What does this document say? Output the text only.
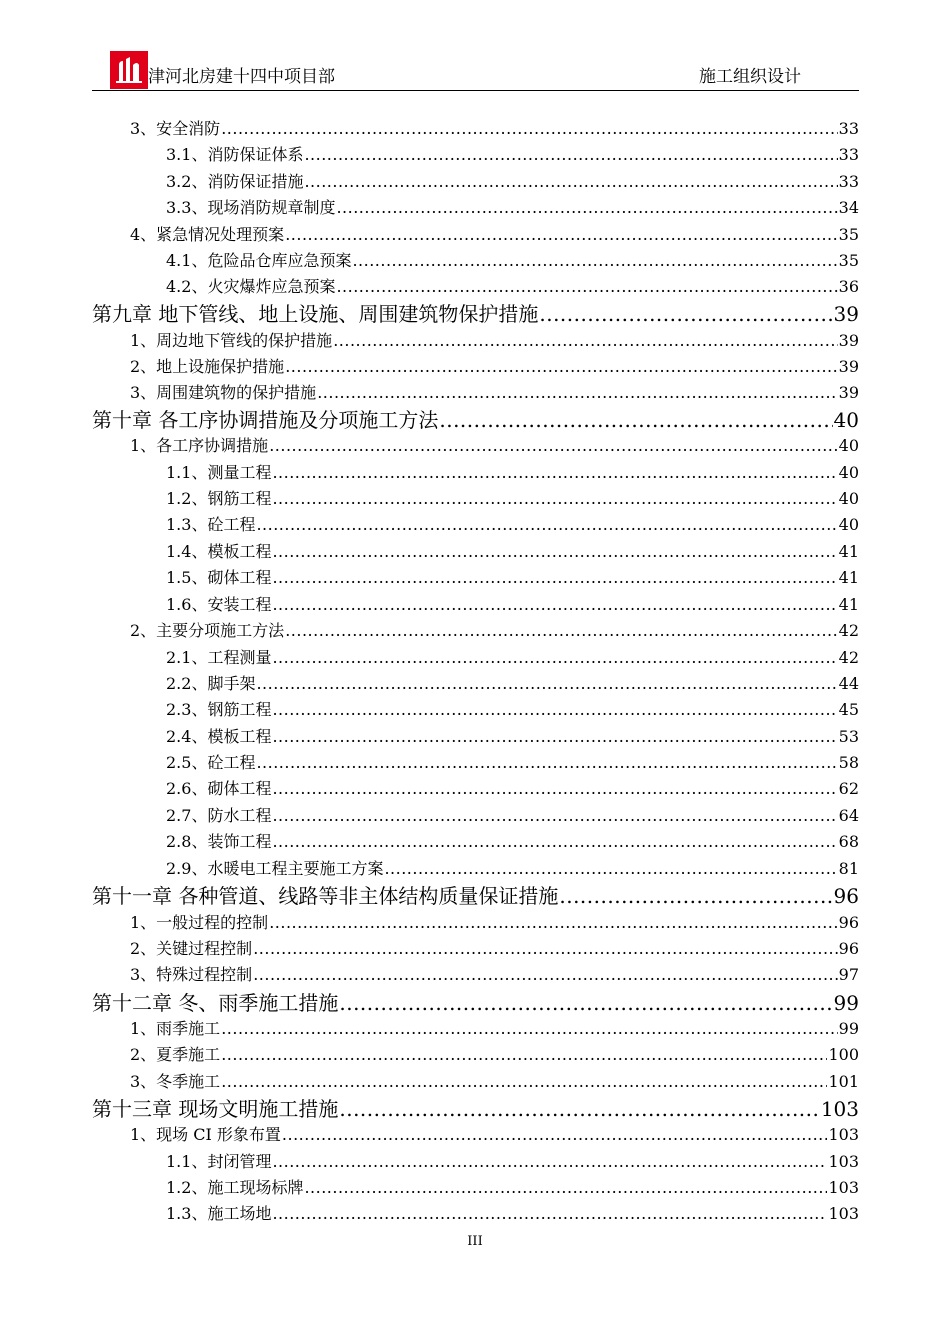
津河北房建十四中项目部	施工组织设计
3、安全消防 .....	33
3.1、消防保证体系 .....	33
3.2、消防保证措施 .....	33
3.3、现场消防规章制度 .....	34
4、紧急情况处理预案 .....	35
4.1、危险品仓库应急预案 .....	35
4.2、火灾爆炸应急预案 .....	36
第九章 地下管线、地上设施、周围建筑物保护措施 .....	39
1、周边地下管线的保护措施 .....	39
2、地上设施保护措施 .....	39
3、周围建筑物的保护措施 .....	39
第十章 各工序协调措施及分项施工方法 .....	40
1、各工序协调措施 .....	40
1.1、测量工程 .....	40
1.2、钢筋工程 .....	40
1.3、砼工程 .....	40
1.4、模板工程 .....	41
1.5、砌体工程 .....	41
1.6、安装工程 .....	41
2、主要分项施工方法 .....	42
2.1、工程测量 .....	42
2.2、脚手架 .....	44
2.3、钢筋工程 .....	45
2.4、模板工程 .....	53
2.5、砼工程 .....	58
2.6、砌体工程 .....	62
2.7、防水工程 .....	64
2.8、装饰工程 .....	68
2.9、水暖电工程主要施工方案 .....	81
第十一章 各种管道、线路等非主体结构质量保证措施 .....	96
1、一般过程的控制 .....	96
2、关键过程控制 .....	96
3、特殊过程控制 .....	97
第十二章 冬、雨季施工措施 .....	99
1、雨季施工 .....	99
2、夏季施工 .....	100
3、冬季施工 .....	101
第十三章 现场文明施工措施 .....	103
1、现场 CI 形象布置 .....	103
1.1、封闭管理 .....	103
1.2、施工现场标牌 .....	103
1.3、施工场地 .....	103
III
